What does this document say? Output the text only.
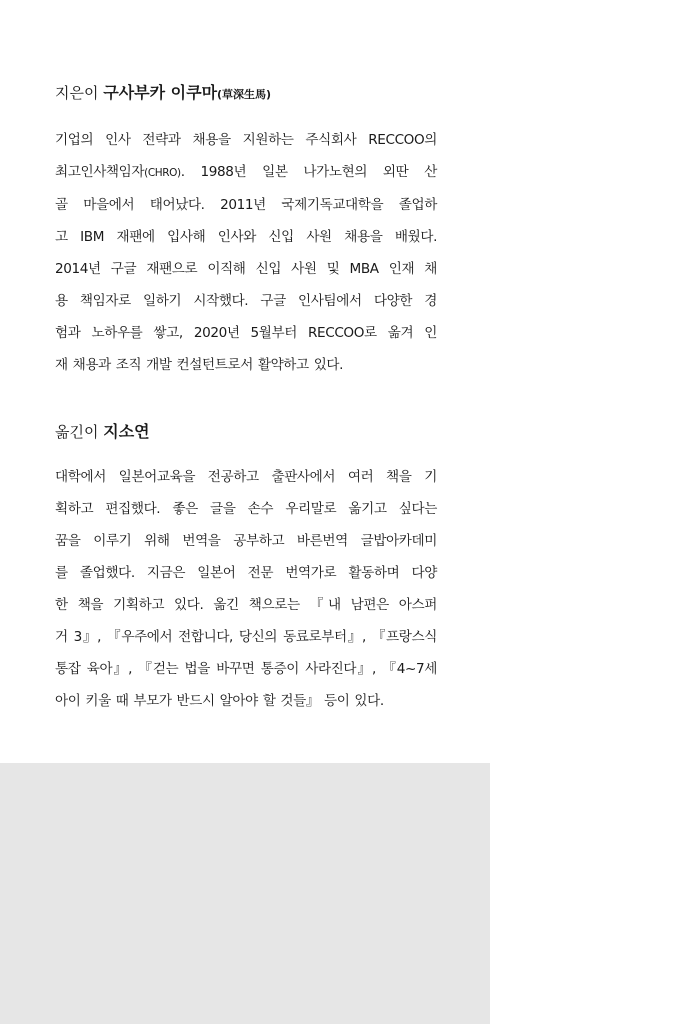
지은이 구사부카 이쿠마(草深生馬)

기업의 인사 전략과 채용을 지원하는 주식회사 RECCOO의
최고인사책임자(CHRO). 1988년 일본 나가노현의 외딴 산
골 마을에서 태어났다. 2011년 국제기독교대학을 졸업하
고 IBM 재팬에 입사해 인사와 신입 사원 채용을 배웠다.
2014년 구글 재팬으로 이직해 신입 사원 및 MBA 인재 채
용 책임자로 일하기 시작했다. 구글 인사팀에서 다양한 경
험과 노하우를 쌓고, 2020년 5월부터 RECCOO로 옮겨 인
재 채용과 조직 개발 컨설턴트로서 활약하고 있다.

옮긴이 지소연

대학에서 일본어교육을 전공하고 출판사에서 여러 책을 기
획하고 편집했다. 좋은 글을 손수 우리말로 옮기고 싶다는
꿈을 이루기 위해 번역을 공부하고 바른번역 글밥아카데미
를 졸업했다. 지금은 일본어 전문 번역가로 활동하며 다양
한 책을 기획하고 있다. 옮긴 책으로는 『내 남편은 아스퍼
거 3』, 『우주에서 전합니다, 당신의 동료로부터』, 『프랑스식
통잡 육아』, 『걷는 법을 바꾸면 통증이 사라진다』, 『4~7세
아이 키울 때 부모가 반드시 알아야 할 것들』 등이 있다.
